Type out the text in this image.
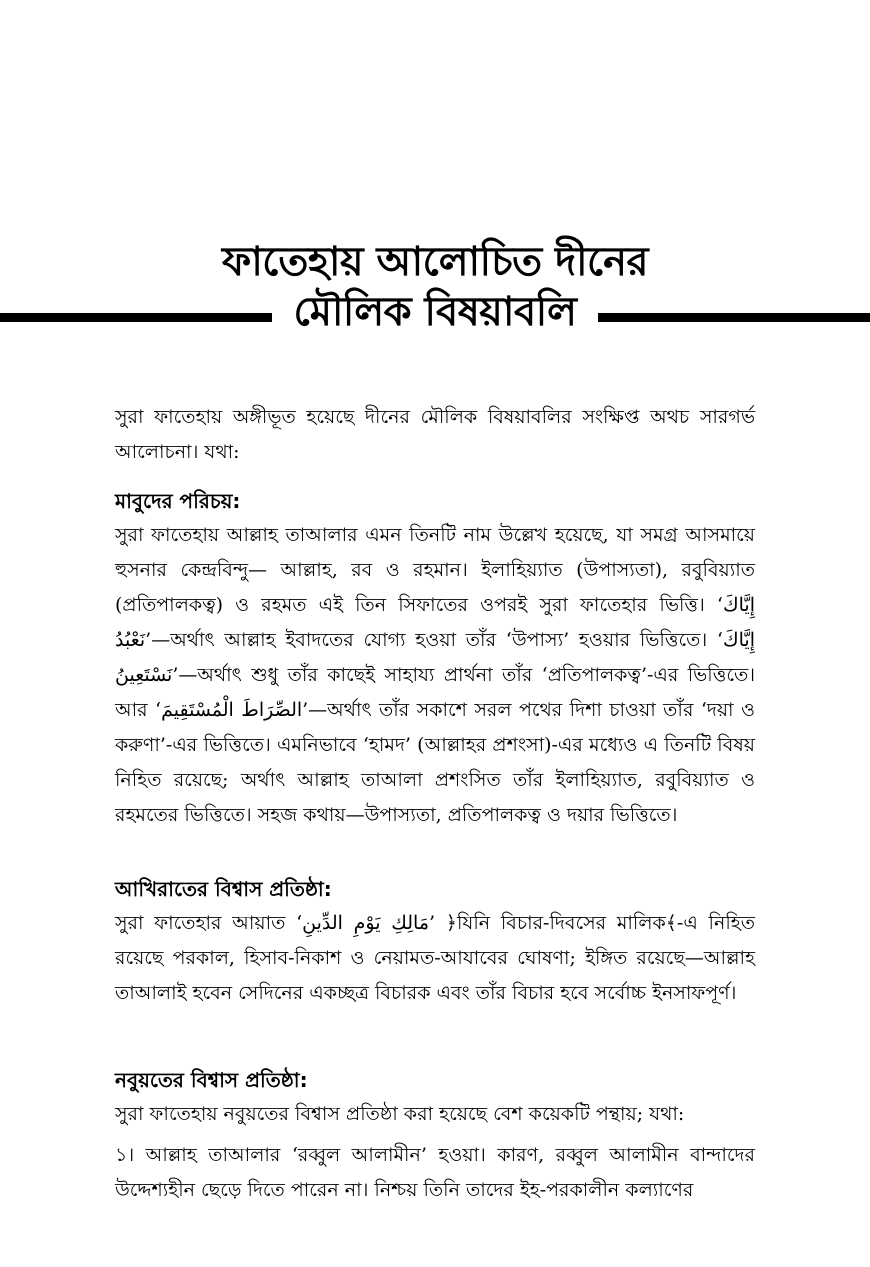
ফাতেহায় আলোচিত দীনের
মৌলিক বিষয়াবলি

সুরা ফাতেহায় অঙ্গীভূত হয়েছে দীনের মৌলিক বিষয়াবলির সংক্ষিপ্ত অথচ সারগর্ভ আলোচনা। যথা:

মাবুদের পরিচয়:

সুরা ফাতেহায় আল্লাহ তাআলার এমন তিনটি নাম উল্লেখ হয়েছে, যা সমগ্র আসমায়ে হুসনার কেন্দ্রবিন্দু— আল্লাহ, রব ও রহমান। ইলাহিয়্যাত (উপাস্যতা), রবুবিয়্যাত (প্রতিপালকত্ব) ও রহমত এই তিন সিফাতের ওপরই সুরা ফাতেহার ভিত্তি। ‘إِيَّاكَ نَعْبُدُ’—অর্থাৎ আল্লাহ ইবাদতের যোগ্য হওয়া তাঁর ‘উপাস্য’ হওয়ার ভিত্তিতে। ‘إِيَّاكَ نَسْتَعِينُ’—অর্থাৎ শুধু তাঁর কাছেই সাহায্য প্রার্থনা তাঁর ‘প্রতিপালকত্ব’-এর ভিত্তিতে। আর ‘الصِّرَاطَ الْمُسْتَقِيمَ’—অর্থাৎ তাঁর সকাশে সরল পথের দিশা চাওয়া তাঁর ‘দয়া ও করুণা’-এর ভিত্তিতে। এমনিভাবে ‘হামদ’ (আল্লাহর প্রশংসা)-এর মধ্যেও এ তিনটি বিষয় নিহিত রয়েছে; অর্থাৎ আল্লাহ তাআলা প্রশংসিত তাঁর ইলাহিয়্যাত, রবুবিয়্যাত ও রহমতের ভিত্তিতে। সহজ কথায়—উপাস্যতা, প্রতিপালকত্ব ও দয়ার ভিত্তিতে।

আখিরাতের বিশ্বাস প্রতিষ্ঠা:

সুরা ফাতেহার আয়াত ‘مَالِكِ يَوْمِ الدِّينِ’ ﴿যিনি বিচার-দিবসের মালিক﴾-এ নিহিত রয়েছে পরকাল, হিসাব-নিকাশ ও নেয়ামত-আযাবের ঘোষণা; ইঙ্গিত রয়েছে—আল্লাহ তাআলাই হবেন সেদিনের একচ্ছত্র বিচারক এবং তাঁর বিচার হবে সর্বোচ্চ ইনসাফপূর্ণ।

নবুয়তের বিশ্বাস প্রতিষ্ঠা:

সুরা ফাতেহায় নবুয়তের বিশ্বাস প্রতিষ্ঠা করা হয়েছে বেশ কয়েকটি পন্থায়; যথা:

১। আল্লাহ তাআলার ‘রব্বুল আলামীন’ হওয়া। কারণ, রব্বুল আলামীন বান্দাদের উদ্দেশ্যহীন ছেড়ে দিতে পারেন না। নিশ্চয় তিনি তাদের ইহ-পরকালীন কল্যাণের
